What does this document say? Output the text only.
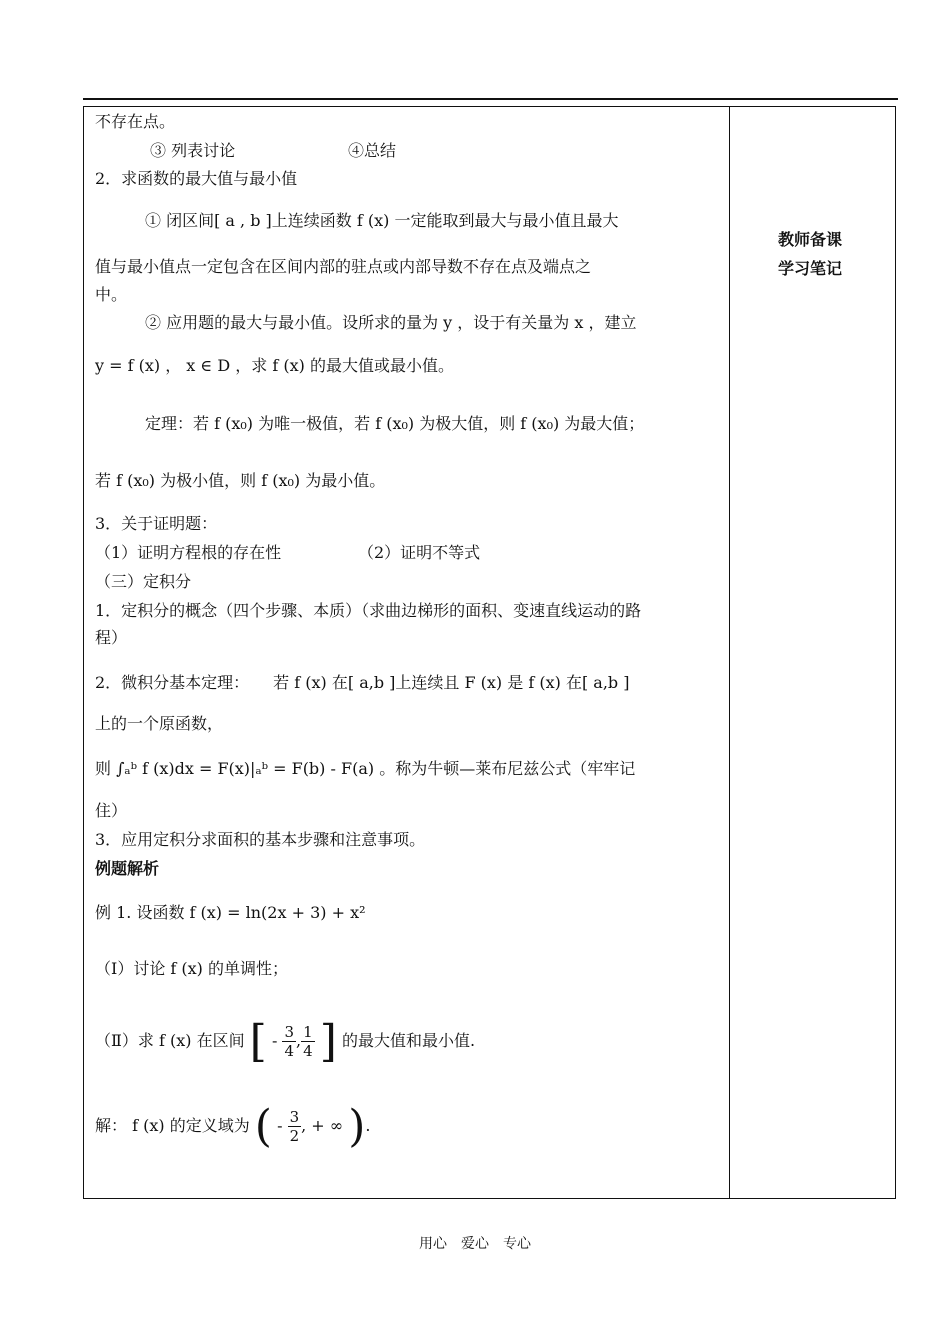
教师备课
学习笔记
不存在点。
③ 列表讨论	④总结
2．求函数的最大值与最小值
① 闭区间[ a , b ]上连续函数 f (x) 一定能取到最大与最小值且最大
值与最小值点一定包含在区间内部的驻点或内部导数不存在点及端点之
中。
② 应用题的最大与最小值。设所求的量为 y ，设于有关量为 x ，建立
y = f (x) ， x ∈ D ，求 f (x) 的最大值或最小值。
定理：若 f (x₀) 为唯一极值，若 f (x₀) 为极大值，则 f (x₀) 为最大值；
若 f (x₀) 为极小值，则 f (x₀) 为最小值。
3．关于证明题：
（1）证明方程根的存在性	（2）证明不等式
（三）定积分
1．定积分的概念（四个步骤、本质）（求曲边梯形的面积、变速直线运动的路
程）
2．微积分基本定理：　　若 f (x) 在[ a,b ]上连续且 F (x) 是 f (x) 在[ a,b ]
上的一个原函数，
则 ∫ₐᵇ f (x)dx = F(x)|ₐᵇ = F(b) - F(a) 。称为牛顿—莱布尼兹公式（牢牢记
住）
3．应用定积分求面积的基本步骤和注意事项。
例题解析
例 1. 设函数 f (x) = ln(2x + 3) + x²
（Ⅰ）讨论 f (x) 的单调性；
（Ⅱ）求 f (x) 在区间 [ - $\frac{3}{4}$ , $\frac{1}{4}$ ] 的最大值和最小值.
解： f (x) 的定义域为 ( - $\frac{3}{2}$ , + ∞ ).
用心　爱心　专心
